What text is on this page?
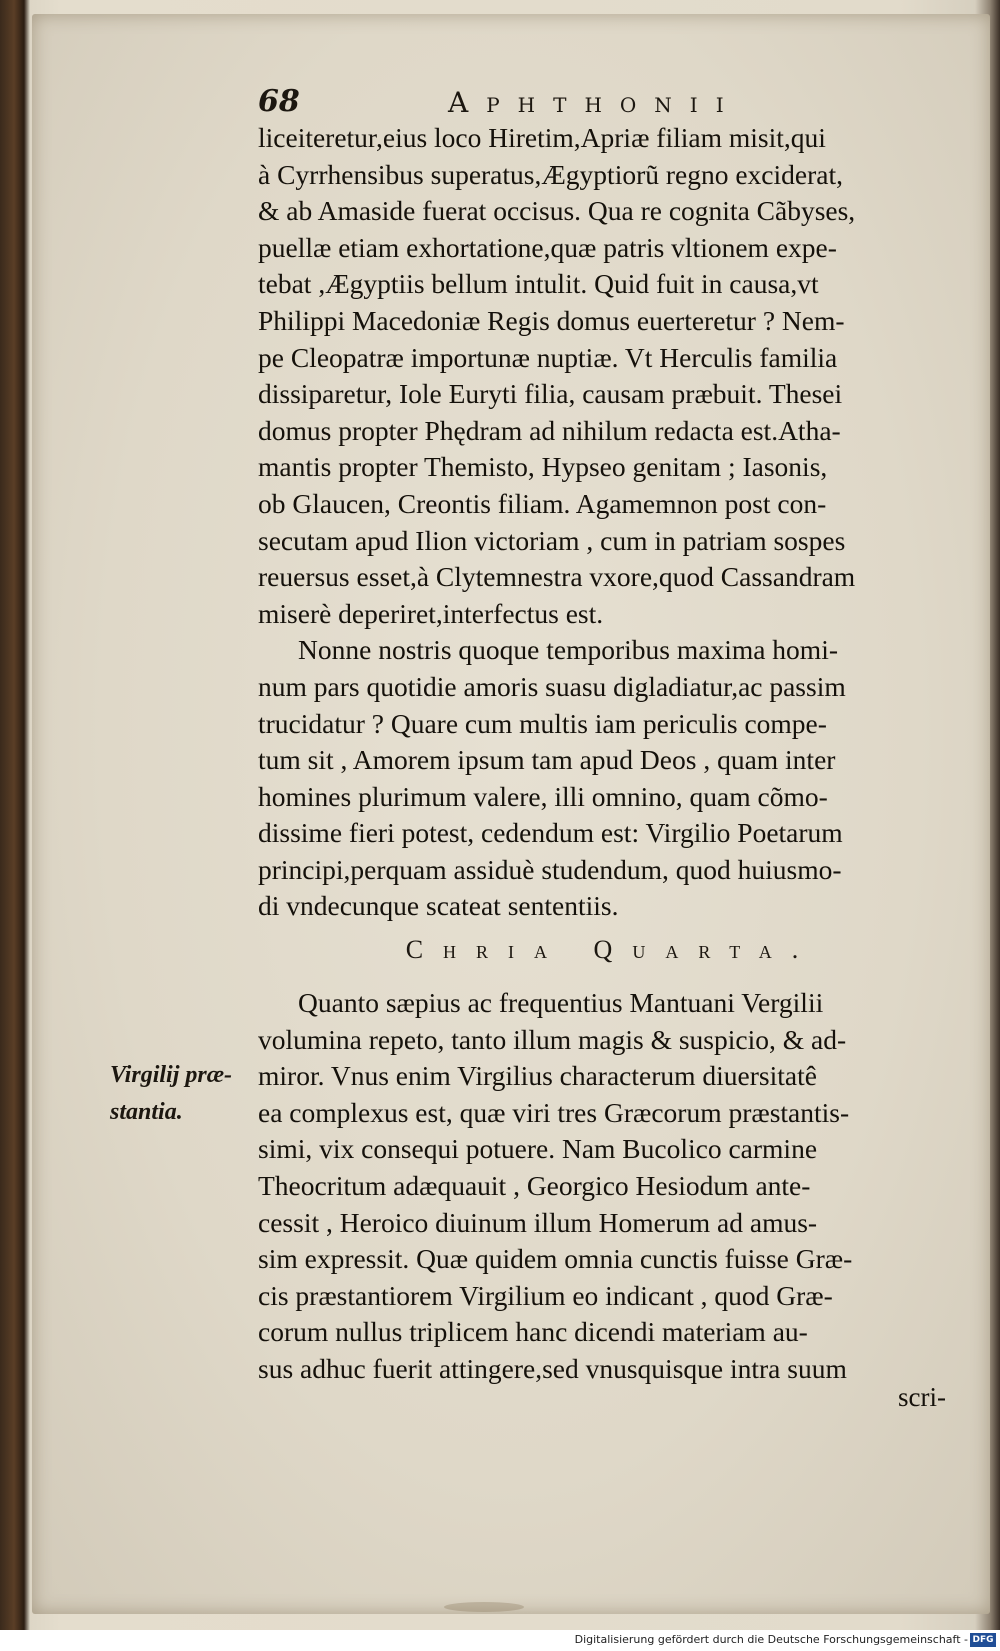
68	Aphthonii
liceiteretur,eius loco Hiretim,Apriæ filiam misit,qui
à Cyrrhensibus superatus,Ægyptiorũ regno exciderat,
& ab Amaside fuerat occisus. Qua re cognita Cãbyses,
puellæ etiam exhortatione,quæ patris vltionem expe-
tebat ,Ægyptiis bellum intulit. Quid fuit in causa,vt
Philippi Macedoniæ Regis domus euerteretur ? Nem-
pe Cleopatræ importunæ nuptiæ. Vt Herculis familia
dissiparetur, Iole Euryti filia, causam præbuit. Thesei
domus propter Phędram ad nihilum redacta est.Atha-
mantis propter Themisto, Hypseo genitam ; Iasonis,
ob Glaucen, Creontis filiam. Agamemnon post con-
secutam apud Ilion victoriam , cum in patriam sospes
reuersus esset,à Clytemnestra vxore,quod Cassandram
miserè deperiret,interfectus est.
Nonne nostris quoque temporibus maxima homi-
num pars quotidie amoris suasu digladiatur,ac passim
trucidatur ? Quare cum multis iam periculis compe-
tum sit , Amorem ipsum tam apud Deos , quam inter
homines plurimum valere, illi omnino, quam cõmo-
dissime fieri potest, cedendum est: Virgilio Poetarum
principi,perquam assiduè studendum, quod huiusmo-
di vndecunque scateat sententiis.
Chria Quarta.
Virgilij præ-
stantia.
Quanto sæpius ac frequentius Mantuani Vergilii
volumina repeto, tanto illum magis & suspicio, & ad-
miror. Vnus enim Virgilius characterum diuersitatê
ea complexus est, quæ viri tres Græcorum præstantis-
simi, vix consequi potuere. Nam Bucolico carmine
Theocritum adæquauit , Georgico Hesiodum ante-
cessit , Heroico diuinum illum Homerum ad amus-
sim expressit. Quæ quidem omnia cunctis fuisse Græ-
cis præstantiorem Virgilium eo indicant , quod Græ-
corum nullus triplicem hanc dicendi materiam au-
sus adhuc fuerit attingere,sed vnusquisque intra suum
scri-
Digitalisierung gefördert durch die Deutsche Forschungsgemeinschaft - DFG
